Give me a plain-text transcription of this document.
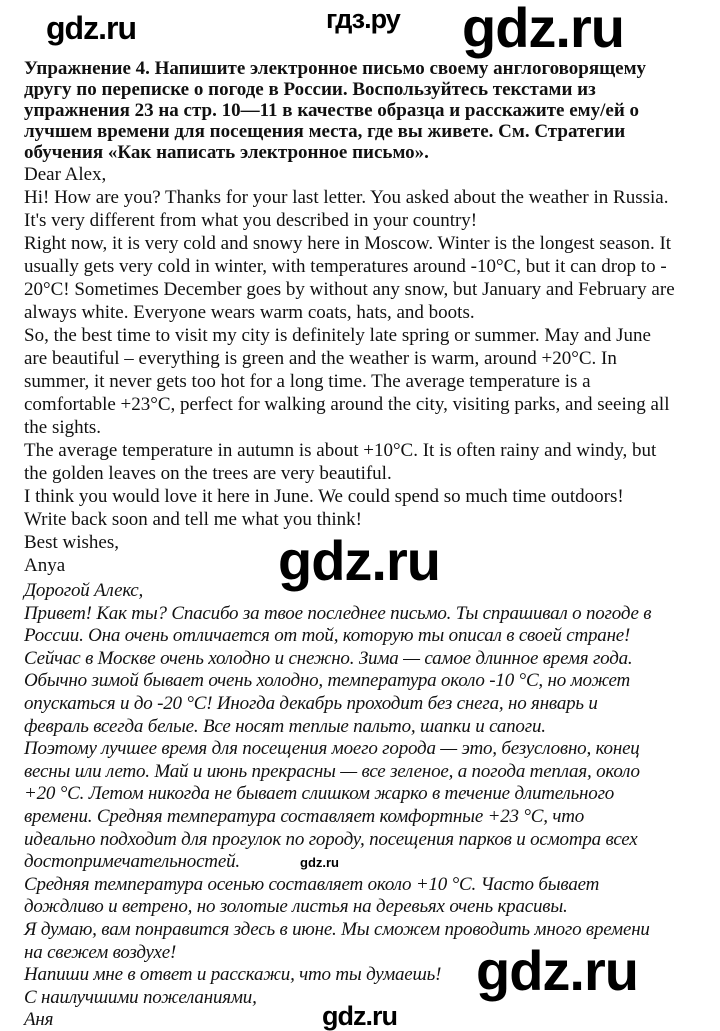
Упражнение 4. Напишите электронное письмо своему англоговорящему
другу по переписке о погоде в России. Воспользуйтесь текстами из
упражнения 23 на стр. 10—11 в качестве образца и расскажите ему/ей о
лучшем времени для посещения места, где вы живете. См. Стратегии
обучения «Как написать электронное письмо».
Dear Alex,
Hi! How are you? Thanks for your last letter. You asked about the weather in Russia.
It's very different from what you described in your country!
Right now, it is very cold and snowy here in Moscow. Winter is the longest season. It
usually gets very cold in winter, with temperatures around -10°C, but it can drop to -
20°C! Sometimes December goes by without any snow, but January and February are
always white. Everyone wears warm coats, hats, and boots.
So, the best time to visit my city is definitely late spring or summer. May and June
are beautiful – everything is green and the weather is warm, around +20°C. In
summer, it never gets too hot for a long time. The average temperature is a
comfortable +23°C, perfect for walking around the city, visiting parks, and seeing all
the sights.
The average temperature in autumn is about +10°C. It is often rainy and windy, but
the golden leaves on the trees are very beautiful.
I think you would love it here in June. We could spend so much time outdoors!
Write back soon and tell me what you think!
Best wishes,
Anya
Дорогой Алекс,
Привет! Как ты? Спасибо за твое последнее письмо. Ты спрашивал о погоде в
России. Она очень отличается от той, которую ты описал в своей стране!
Сейчас в Москве очень холодно и снежно. Зима — самое длинное время года.
Обычно зимой бывает очень холодно, температура около -10 °C, но может
опускаться и до -20 °C! Иногда декабрь проходит без снега, но январь и
февраль всегда белые. Все носят теплые пальто, шапки и сапоги.
Поэтому лучшее время для посещения моего города — это, безусловно, конец
весны или лето. Май и июнь прекрасны — все зеленое, а погода теплая, около
+20 °C. Летом никогда не бывает слишком жарко в течение длительного
времени. Средняя температура составляет комфортные +23 °C, что
идеально подходит для прогулок по городу, посещения парков и осмотра всех
достопримечательностей.
Средняя температура осенью составляет около +10 °C. Часто бывает
дождливо и ветрено, но золотые листья на деревьях очень красивы.
Я думаю, вам понравится здесь в июне. Мы сможем проводить много времени
на свежем воздухе!
Напиши мне в ответ и расскажи, что ты думаешь!
С наилучшими пожеланиями,
Аня
гдз.ру
gdz.ru	gdz.ru
gdz.ru
gdz.ru
gdz.ru
gdz.ru
